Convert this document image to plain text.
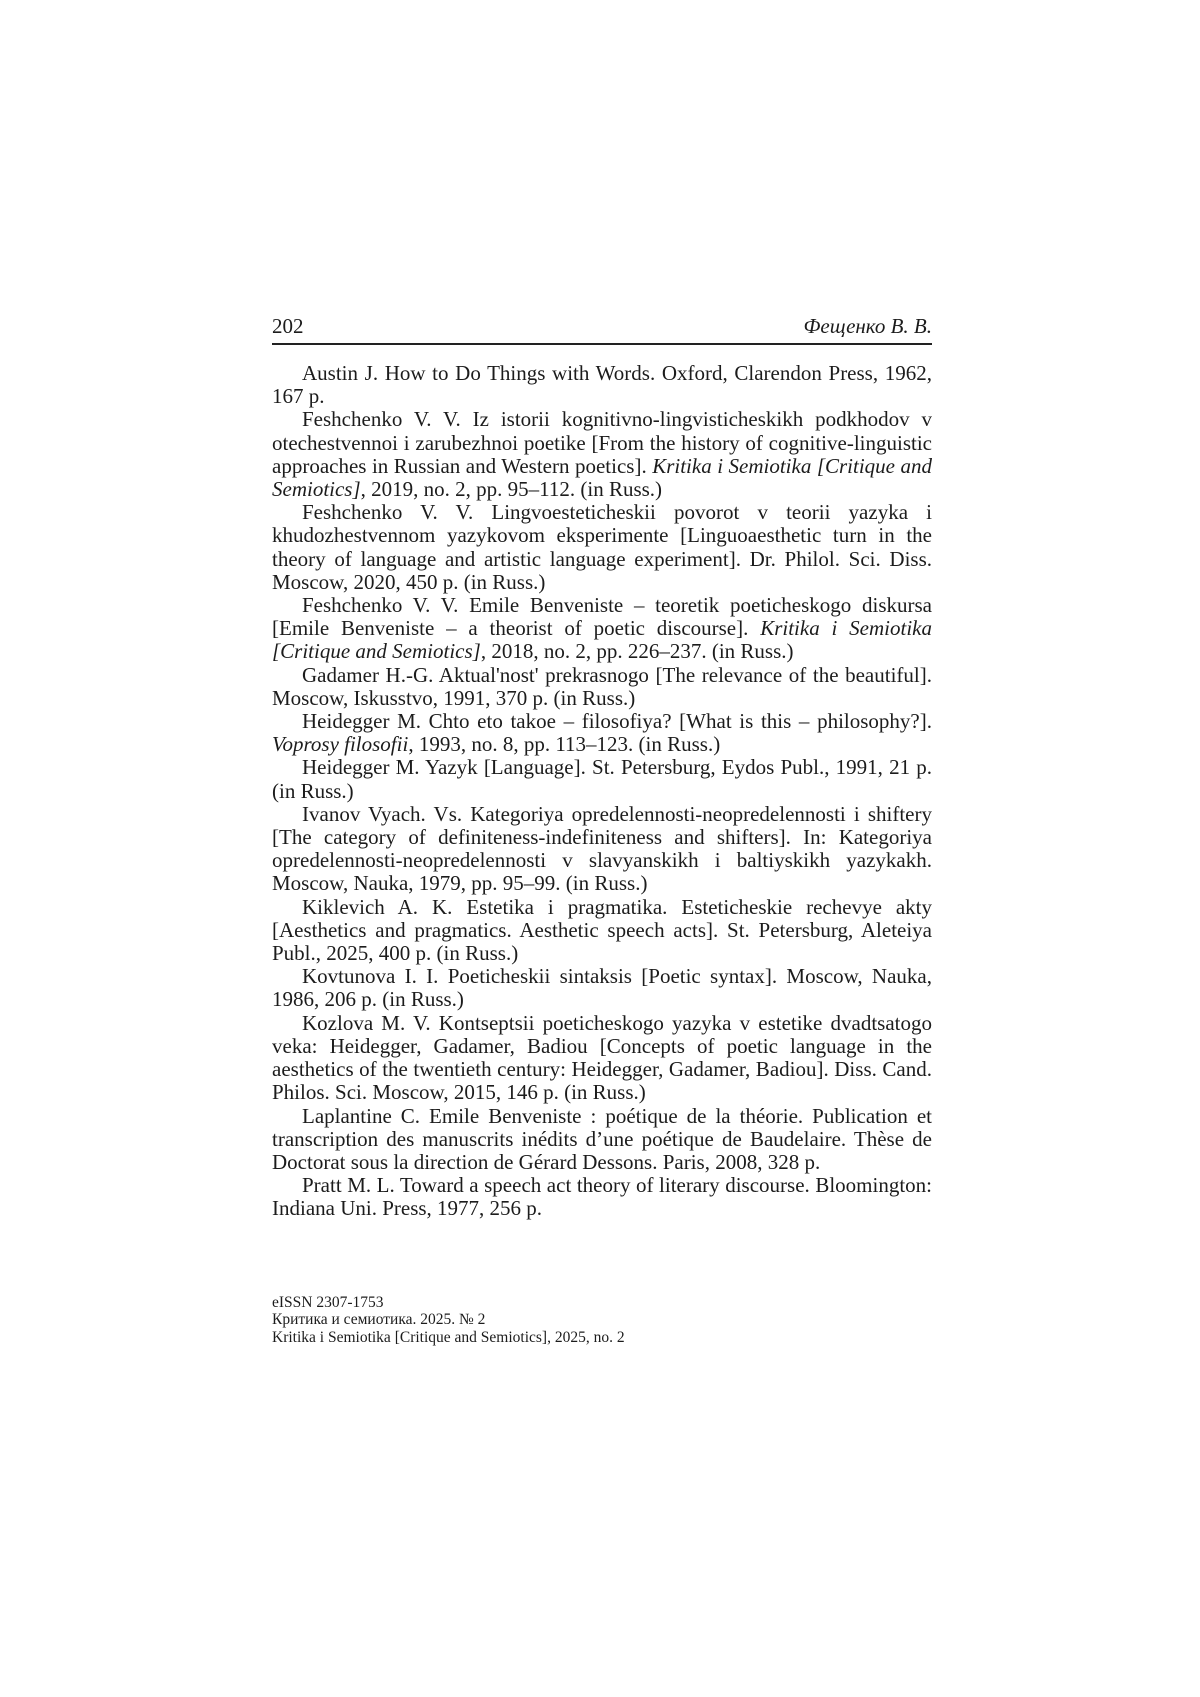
202	Фещенко В. В.

Austin J. How to Do Things with Words. Oxford, Clarendon Press, 1962, 167 p.

Feshchenko V. V. Iz istorii kognitivno-lingvisticheskikh podkhodov v otechestvennoi i zarubezhnoi poetike [From the history of cognitive-linguistic approaches in Russian and Western poetics]. Kritika i Semiotika [Critique and Semiotics], 2019, no. 2, pp. 95–112. (in Russ.)

Feshchenko V. V. Lingvoesteticheskii povorot v teorii yazyka i khudozhestvennom yazykovom eksperimente [Linguoaesthetic turn in the theory of language and artistic language experiment]. Dr. Philol. Sci. Diss. Moscow, 2020, 450 p. (in Russ.)

Feshchenko V. V. Emile Benveniste – teoretik poeticheskogo diskursa [Emile Benveniste – a theorist of poetic discourse]. Kritika i Semiotika [Critique and Semiotics], 2018, no. 2, pp. 226–237. (in Russ.)

Gadamer H.-G. Aktual'nost' prekrasnogo [The relevance of the beautiful]. Moscow, Iskusstvo, 1991, 370 p. (in Russ.)

Heidegger M. Chto eto takoe – filosofiya? [What is this – philosophy?]. Voprosy filosofii, 1993, no. 8, pp. 113–123. (in Russ.)

Heidegger M. Yazyk [Language]. St. Petersburg, Eydos Publ., 1991, 21 p. (in Russ.)

Ivanov Vyach. Vs. Kategoriya opredelennosti-neopredelennosti i shiftery [The category of definiteness-indefiniteness and shifters]. In: Kategoriya opredelennosti-neopredelennosti v slavyanskikh i baltiyskikh yazykakh. Moscow, Nauka, 1979, pp. 95–99. (in Russ.)

Kiklevich A. K. Estetika i pragmatika. Esteticheskie rechevye akty [Aesthetics and pragmatics. Aesthetic speech acts]. St. Petersburg, Aleteiya Publ., 2025, 400 p. (in Russ.)

Kovtunova I. I. Poeticheskii sintaksis [Poetic syntax]. Moscow, Nauka, 1986, 206 p. (in Russ.)

Kozlova M. V. Kontseptsii poeticheskogo yazyka v estetike dvadtsatogo veka: Heidegger, Gadamer, Badiou [Concepts of poetic language in the aesthetics of the twentieth century: Heidegger, Gadamer, Badiou]. Diss. Cand. Philos. Sci. Moscow, 2015, 146 p. (in Russ.)

Laplantine C. Emile Benveniste : poétique de la théorie. Publication et transcription des manuscrits inédits d’une poétique de Baudelaire. Thèse de Doctorat sous la direction de Gérard Dessons. Paris, 2008, 328 p.

Pratt M. L. Toward a speech act theory of literary discourse. Bloomington: Indiana Uni. Press, 1977, 256 p.

eISSN 2307-1753
Критика и семиотика. 2025. № 2
Kritika i Semiotika [Critique and Semiotics], 2025, no. 2
